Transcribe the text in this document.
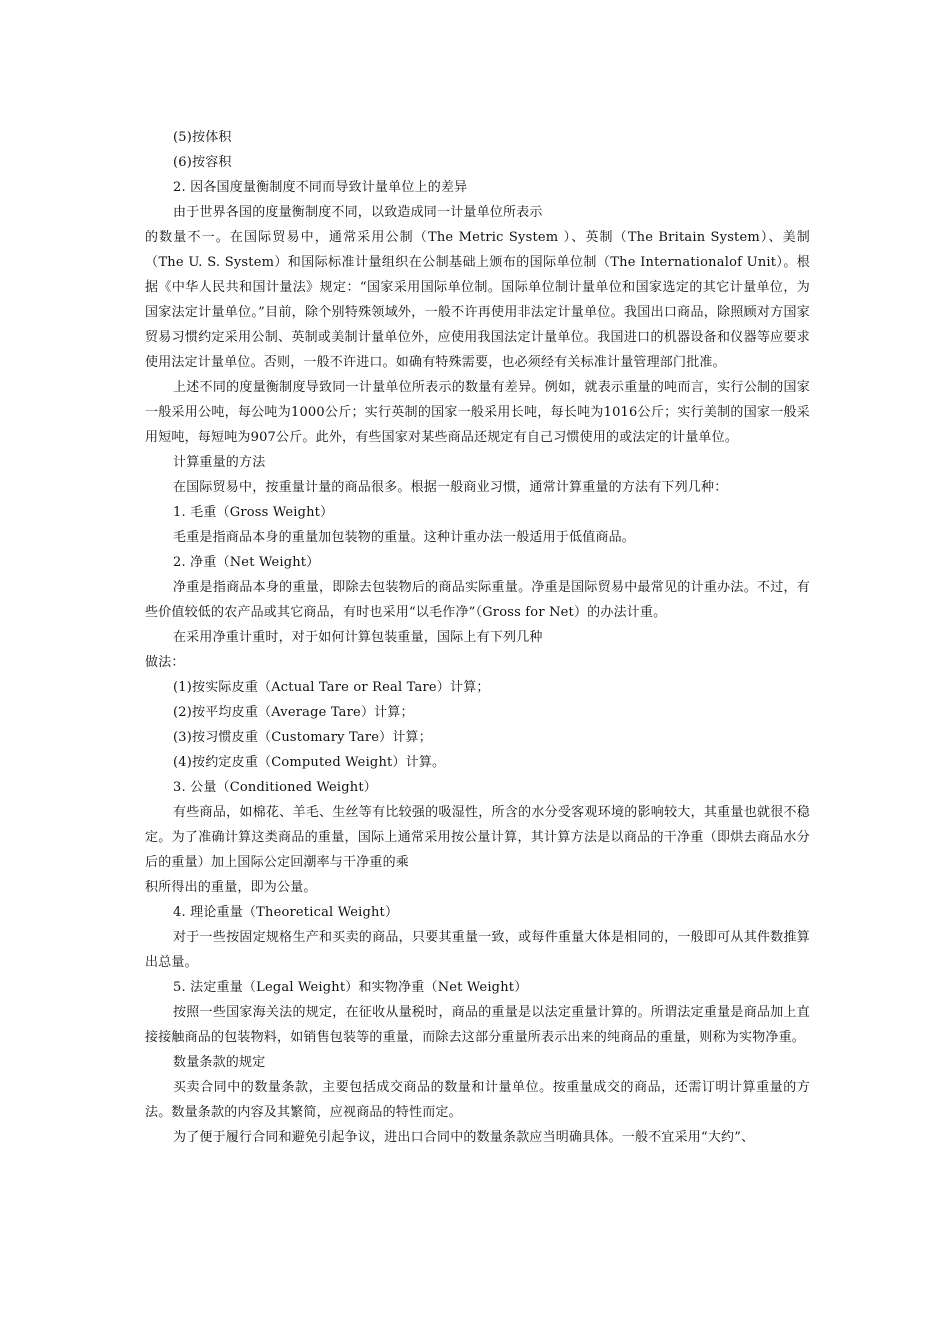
(5)按体积

(6)按容积

2. 因各国度量衡制度不同而导致计量单位上的差异

由于世界各国的度量衡制度不同，以致造成同一计量单位所表示

的数量不一。在国际贸易中，通常采用公制（The Metric System ）、英制（The Britain System）、美制（The U. S. System）和国际标准计量组织在公制基础上颁布的国际单位制（The Internationalof Unit）。根据《中华人民共和国计量法》规定：“国家采用国际单位制。国际单位制计量单位和国家选定的其它计量单位，为国家法定计量单位。”目前，除个别特殊领域外，一般不许再使用非法定计量单位。我国出口商品，除照顾对方国家贸易习惯约定采用公制、英制或美制计量单位外，应使用我国法定计量单位。我国进口的机器设备和仪器等应要求使用法定计量单位。否则，一般不许进口。如确有特殊需要，也必须经有关标准计量管理部门批准。

上述不同的度量衡制度导致同一计量单位所表示的数量有差异。例如，就表示重量的吨而言，实行公制的国家一般采用公吨，每公吨为1000公斤；实行英制的国家一般采用长吨，每长吨为1016公斤；实行美制的国家一般采用短吨，每短吨为907公斤。此外，有些国家对某些商品还规定有自己习惯使用的或法定的计量单位。

计算重量的方法

在国际贸易中，按重量计量的商品很多。根据一般商业习惯，通常计算重量的方法有下列几种：

1. 毛重（Gross Weight）

毛重是指商品本身的重量加包装物的重量。这种计重办法一般适用于低值商品。

2. 净重（Net Weight）

净重是指商品本身的重量，即除去包装物后的商品实际重量。净重是国际贸易中最常见的计重办法。不过，有些价值较低的农产品或其它商品，有时也采用“以毛作净”（Gross for Net）的办法计重。

在采用净重计重时，对于如何计算包装重量，国际上有下列几种

做法：

(1)按实际皮重（Actual Tare or Real Tare）计算；

(2)按平均皮重（Average Tare）计算；

(3)按习惯皮重（Customary Tare）计算；

(4)按约定皮重（Computed Weight）计算。

3. 公量（Conditioned Weight）

有些商品，如棉花、羊毛、生丝等有比较强的吸湿性，所含的水分受客观环境的影响较大，其重量也就很不稳定。为了准确计算这类商品的重量，国际上通常采用按公量计算，其计算方法是以商品的干净重（即烘去商品水分后的重量）加上国际公定回潮率与干净重的乘

积所得出的重量，即为公量。

4. 理论重量（Theoretical Weight）

对于一些按固定规格生产和买卖的商品，只要其重量一致，或每件重量大体是相同的，一般即可从其件数推算出总量。

5. 法定重量（Legal Weight）和实物净重（Net Weight）

按照一些国家海关法的规定，在征收从量税时，商品的重量是以法定重量计算的。所谓法定重量是商品加上直接接触商品的包装物料，如销售包装等的重量，而除去这部分重量所表示出来的纯商品的重量，则称为实物净重。

数量条款的规定

买卖合同中的数量条款，主要包括成交商品的数量和计量单位。按重量成交的商品，还需订明计算重量的方法。数量条款的内容及其繁简，应视商品的特性而定。

为了便于履行合同和避免引起争议，进出口合同中的数量条款应当明确具体。一般不宜采用“大约”、
